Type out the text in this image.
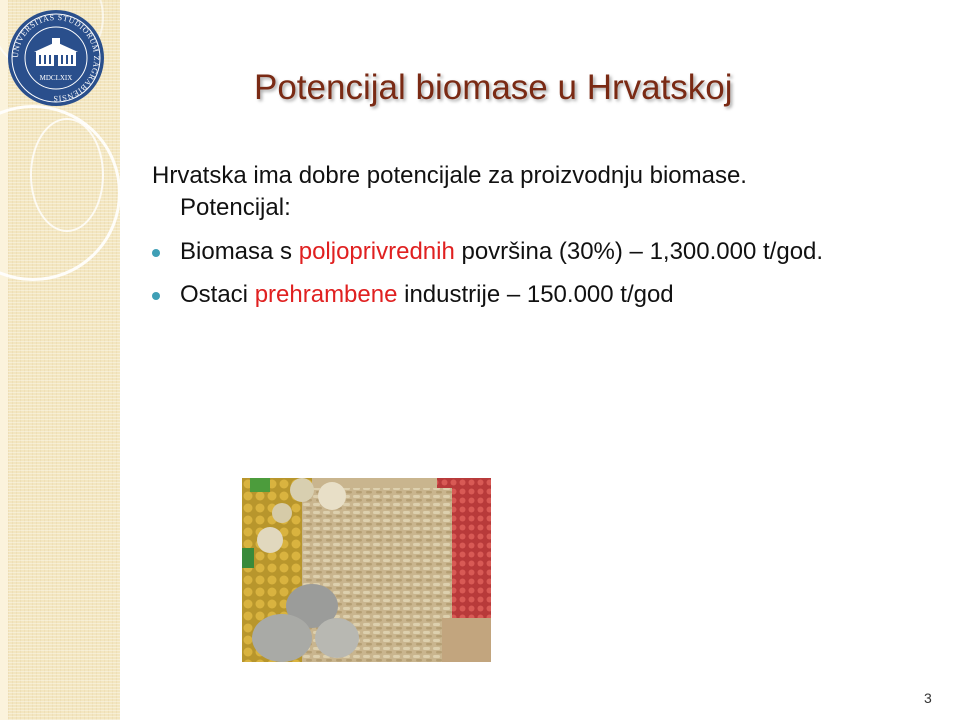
UNIVERSITAS STUDIORUM ZAGRABIENSIS
MDCLXIX	Potencijal biomase u Hrvatskoj

Hrvatska ima dobre potencijale za proizvodnju biomase. Potencijal:

Biomasa s poljoprivrednih površina (30%) – 1,300.000 t/god.
Ostaci prehrambene industrije – 150.000 t/god
3
